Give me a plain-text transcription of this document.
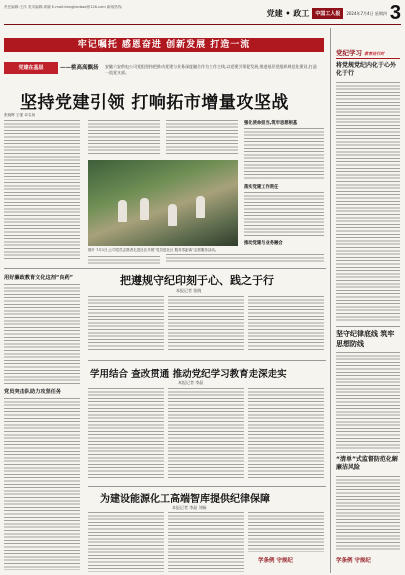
责任编辑:王洋 美术编辑:周晓 E-mail:dangjianbao@126.com 新闻热线:
党建 • 政工	中国工人报	2024年7月4日 星期四 3
牢记嘱托 感恩奋进 创新发展 打造一流
党建在基层	——桃高高飘扬 安徽六安供电公司党组坚持把推动党建与业务深度融合作为工作主线,以党建引领促发展,推进基层党组织规范化建设,打造一流党支部。
坚持党建引领 打响拓市增量攻坚战
张晓辉 王强 卓名扬
强化使命担当,筑牢思想根基
落实党建工作责任
推动党建与业务融合
图片 7月1日,公司党员志愿者走进社区开展“党员进社区 服务零距离”志愿服务活动。
用好廉政教育文化这剂“良药”
党员突击队助力攻坚任务
把遵规守纪印刻于心、践之于行
本报记者 张晓
学用结合 查改贯通 推动党纪学习教育走深走实
本报记者 李晶
为建设能源化工高端智库提供纪律保障
本报记者 李晶 刘畅
学条例 守规纪
党纪学习 教育进行时
将党规党纪内化于心外化于行
坚守纪律底线 筑牢思想防线
“清单”式监督防范化解廉洁风险
学条例 守规纪
